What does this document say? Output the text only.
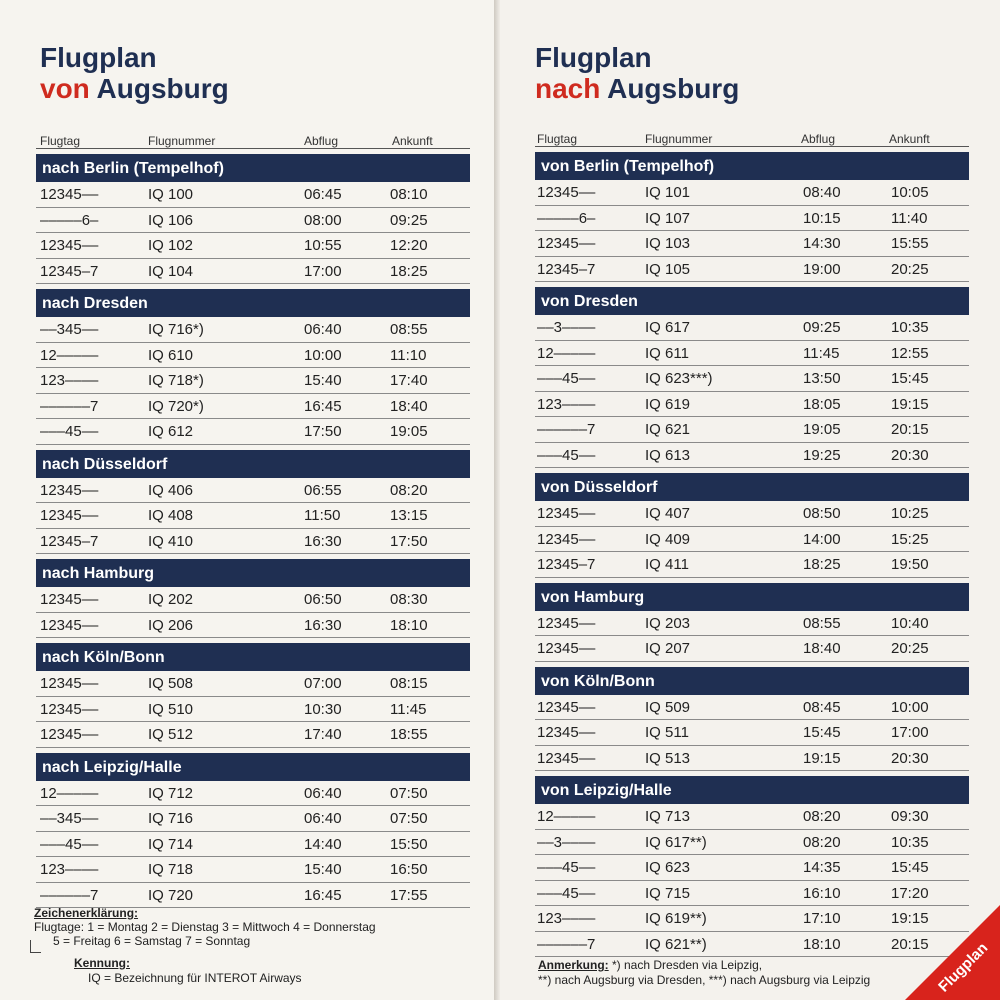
Flugplan
von Augsburg
Flugtag	Flugnummer	Abflug	Ankunft
nach Berlin (Tempelhof)
12345––	IQ 100	06:45	08:10
–––––6–	IQ 106	08:00	09:25
12345––	IQ 102	10:55	12:20
12345–7	IQ 104	17:00	18:25
nach Dresden
––345––	IQ 716*)	06:40	08:55
12–––––	IQ 610	10:00	11:10
123––––	IQ 718*)	15:40	17:40
––––––7	IQ 720*)	16:45	18:40
–––45––	IQ 612	17:50	19:05
nach Düsseldorf
12345––	IQ 406	06:55	08:20
12345––	IQ 408	11:50	13:15
12345–7	IQ 410	16:30	17:50
nach Hamburg
12345––	IQ 202	06:50	08:30
12345––	IQ 206	16:30	18:10
nach Köln/Bonn
12345––	IQ 508	07:00	08:15
12345––	IQ 510	10:30	11:45
12345––	IQ 512	17:40	18:55
nach Leipzig/Halle
12–––––	IQ 712	06:40	07:50
––345––	IQ 716	06:40	07:50
–––45––	IQ 714	14:40	15:50
123––––	IQ 718	15:40	16:50
––––––7	IQ 720	16:45	17:55
Zeichenerklärung:
Flugtage: 1 = Montag 2 = Dienstag 3 = Mittwoch 4 = Donnerstag
5 = Freitag 6 = Samstag 7 = Sonntag
Kennung:
IQ = Bezeichnung für INTEROT Airways
Flugplan
nach Augsburg
Flugtag	Flugnummer	Abflug	Ankunft
von Berlin (Tempelhof)
12345––	IQ 101	08:40	10:05
–––––6–	IQ 107	10:15	11:40
12345––	IQ 103	14:30	15:55
12345–7	IQ 105	19:00	20:25
von Dresden
––3––––	IQ 617	09:25	10:35
12–––––	IQ 611	11:45	12:55
–––45––	IQ 623***)	13:50	15:45
123––––	IQ 619	18:05	19:15
––––––7	IQ 621	19:05	20:15
–––45––	IQ 613	19:25	20:30
von Düsseldorf
12345––	IQ 407	08:50	10:25
12345––	IQ 409	14:00	15:25
12345–7	IQ 411	18:25	19:50
von Hamburg
12345––	IQ 203	08:55	10:40
12345––	IQ 207	18:40	20:25
von Köln/Bonn
12345––	IQ 509	08:45	10:00
12345––	IQ 511	15:45	17:00
12345––	IQ 513	19:15	20:30
von Leipzig/Halle
12–––––	IQ 713	08:20	09:30
––3––––	IQ 617**)	08:20	10:35
–––45––	IQ 623	14:35	15:45
–––45––	IQ 715	16:10	17:20
123––––	IQ 619**)	17:10	19:15
––––––7	IQ 621**)	18:10	20:15
Anmerkung: *) nach Dresden via Leipzig,
**) nach Augsburg via Dresden, ***) nach Augsburg via Leipzig	Flugplan
